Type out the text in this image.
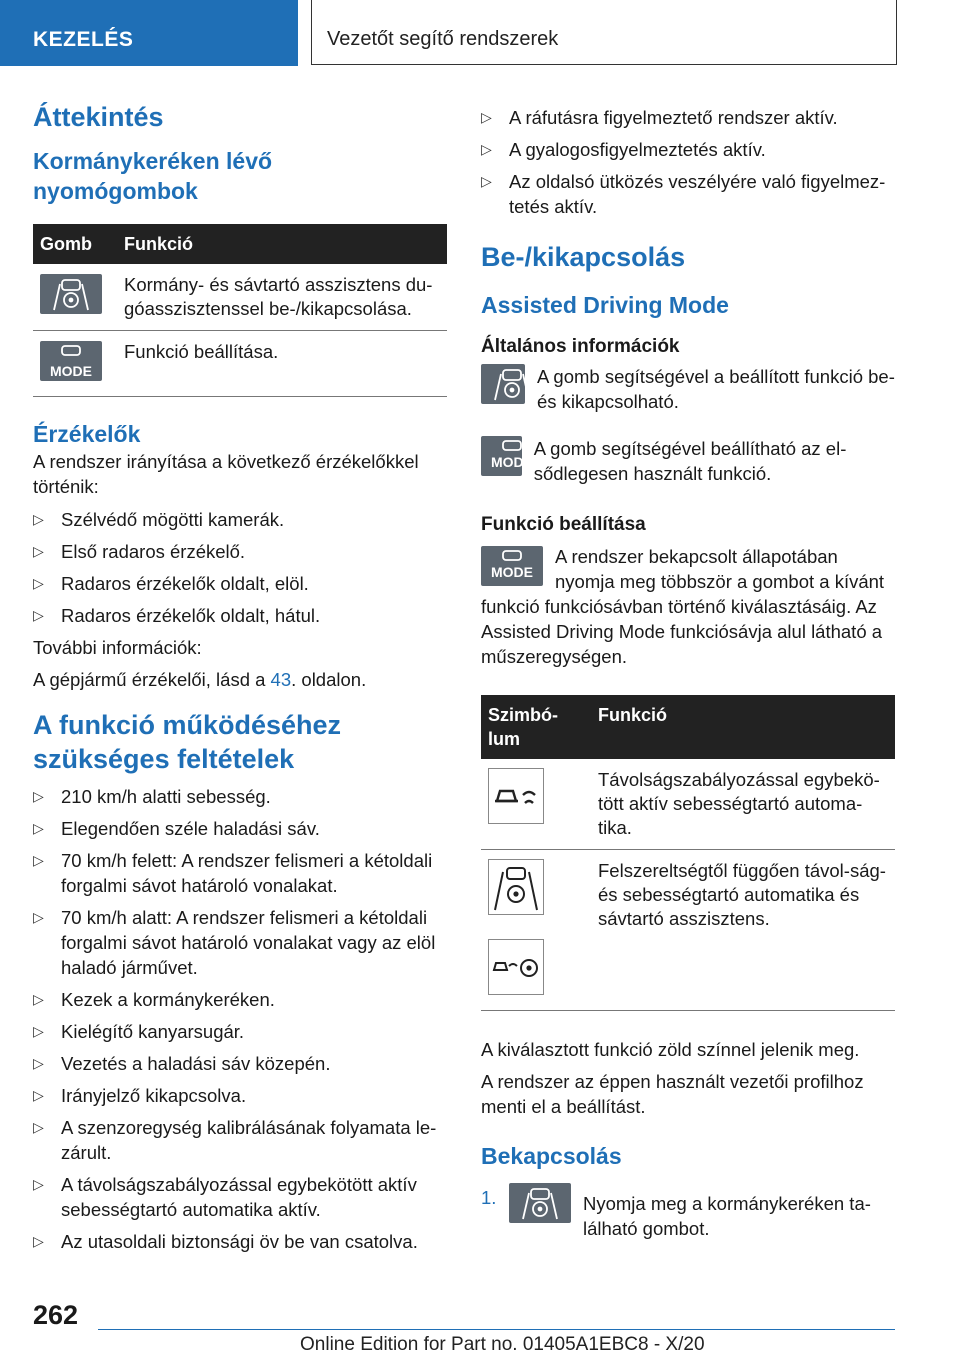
KEZELÉS	Vezetőt segítő rendszerek
Áttekintés
Kormánykeréken lévő nyomógombok
Gomb	Funkció

	Kormány- és sávtartó asszisztens du-góasszisztenssel be-/kikapcsolása.

MODE	Funkció beállítása.
Érzékelők

A rendszer irányítása a következő érzékelőkkel történik:

▷ Szélvédő mögötti kamerák.
▷ Első radaros érzékelő.
▷ Radaros érzékelők oldalt, elöl.
▷ Radaros érzékelők oldalt, hátul.

További információk:

A gépjármű érzékelői, lásd a 43. oldalon.

A funkció működéséhez szükséges feltételek
▷ 210 km/h alatti sebesség.
▷ Elegendően széle haladási sáv.
▷ 70 km/h felett: A rendszer felismeri a kétoldali forgalmi sávot határoló vonalakat.
▷ 70 km/h alatt: A rendszer felismeri a kétoldali forgalmi sávot határoló vonalakat vagy az elöl haladó járművet.
▷ Kezek a kormánykeréken.
▷ Kielégítő kanyarsugár.
▷ Vezetés a haladási sáv közepén.
▷ Irányjelző kikapcsolva.
▷ A szenzoregység kalibrálásának folyamata le-zárult.
▷ A távolságszabályozással egybekötött aktív sebességtartó automatika aktív.
▷ Az utasoldali biztonsági öv be van csatolva.
▷ A ráfutásra figyelmeztető rendszer aktív.
▷ A gyalogosfigyelmeztetés aktív.
▷ Az oldalsó ütközés veszélyére való figyelmez-tetés aktív.
Be-/kikapcsolás
Assisted Driving Mode
Általános információk

A gomb segítségével a beállított funkció be- és kikapcsolható.

MODE

A gomb segítségével beállítható az el-sődlegesen használt funkció.

Funkció beállítása
MODE

A rendszer bekapcsolt állapotában nyomja meg többször a gombot a kívánt funkció funkciósávban történő kiválasztásáig. Az Assisted Driving Mode funkciósávja alul látható a műszeregységen.

Szimbó-lum	Funkció

	Távolságszabályozással egybekö-tött aktív sebességtartó automa-tika.

	Felszereltségtől függően távol-ság- és sebességtartó automatika és sávtartó asszisztens.

A kiválasztott funkció zöld színnel jelenik meg.

A rendszer az éppen használt vezetői profilhoz menti el a beállítást.

Bekapcsolás
1.	Nyomja meg a kormánykeréken ta-lálható gombot.

262
Online Edition for Part no. 01405A1EBC8 - X/20
